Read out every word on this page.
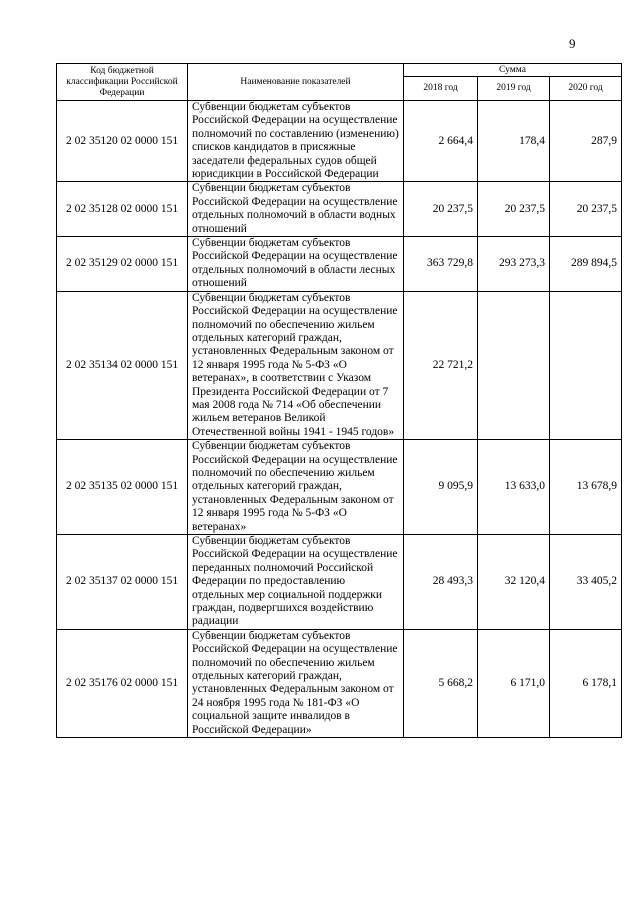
9
Код бюджетной классификации Российской Федерации	Наименование показателей	Сумма		
		2018 год	2019 год	2020 год
2 02 35120 02 0000 151	Субвенции бюджетам субъектов Российской Федерации на осуществление полномочий по составлению (изменению) списков кандидатов в присяжные заседатели федеральных судов общей юрисдикции в Российской Федерации	2 664,4	178,4	287,9
2 02 35128 02 0000 151	Субвенции бюджетам субъектов Российской Федерации на осуществление отдельных полномочий в области водных отношений	20 237,5	20 237,5	20 237,5
2 02 35129 02 0000 151	Субвенции бюджетам субъектов Российской Федерации на осуществление отдельных полномочий в области лесных отношений	363 729,8	293 273,3	289 894,5
2 02 35134 02 0000 151	Субвенции бюджетам субъектов Российской Федерации на осуществление полномочий по обеспечению жильем отдельных категорий граждан, установленных Федеральным законом от 12 января 1995 года № 5-ФЗ «О ветеранах», в соответствии с Указом Президента Российской Федерации от 7 мая 2008 года № 714 «Об обеспечении жильем ветеранов Великой Отечественной войны 1941 - 1945 годов»	22 721,2		
2 02 35135 02 0000 151	Субвенции бюджетам субъектов Российской Федерации на осуществление полномочий по обеспечению жильем отдельных категорий граждан, установленных Федеральным законом от 12 января 1995 года № 5-ФЗ «О ветеранах»	9 095,9	13 633,0	13 678,9
2 02 35137 02 0000 151	Субвенции бюджетам субъектов Российской Федерации на осуществление переданных полномочий Российской Федерации по предоставлению отдельных мер социальной поддержки граждан, подвергшихся воздействию радиации	28 493,3	32 120,4	33 405,2
2 02 35176 02 0000 151	Субвенции бюджетам субъектов Российской Федерации на осуществление полномочий по обеспечению жильем отдельных категорий граждан, установленных Федеральным законом от 24 ноября 1995 года № 181-ФЗ «О социальной защите инвалидов в Российской Федерации»	5 668,2	6 171,0	6 178,1
